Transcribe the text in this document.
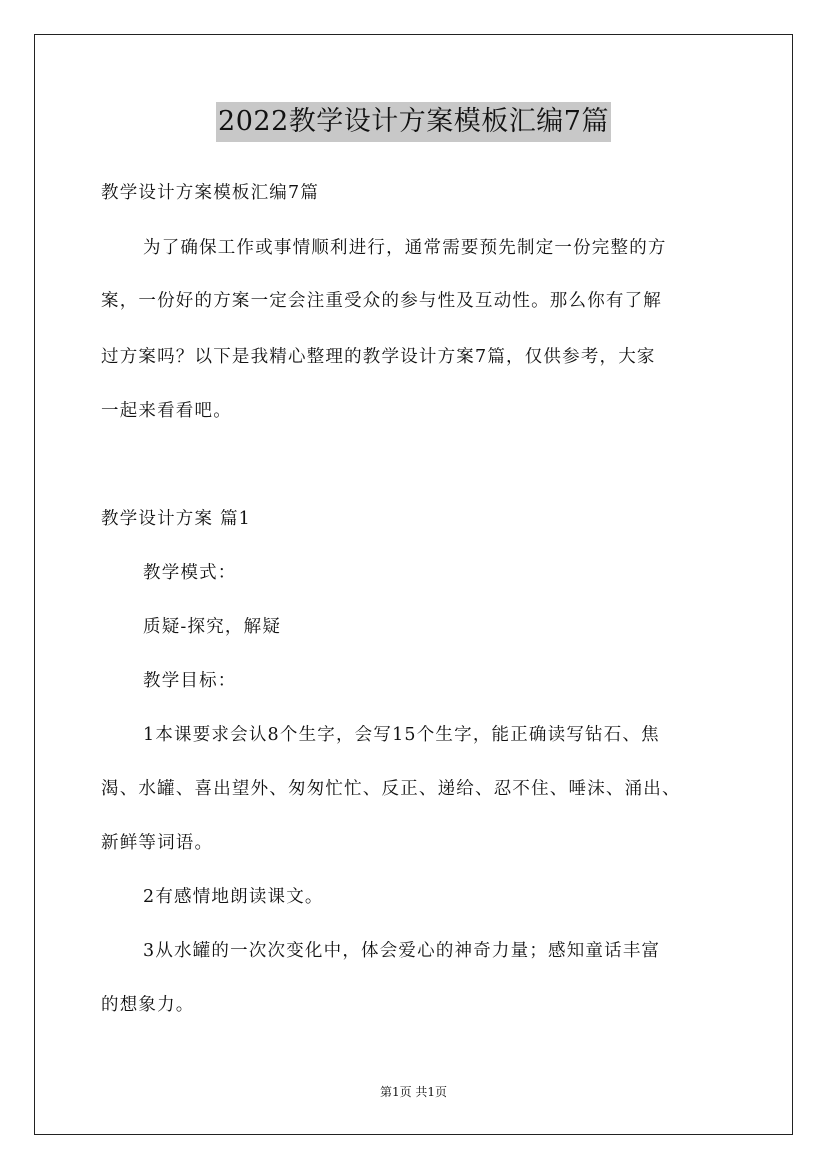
2022教学设计方案模板汇编7篇
教学设计方案模板汇编7篇
为了确保工作或事情顺利进行，通常需要预先制定一份完整的方
案，一份好的方案一定会注重受众的参与性及互动性。那么你有了解
过方案吗？以下是我精心整理的教学设计方案7篇，仅供参考，大家
一起来看看吧。
教学设计方案 篇1
教学模式：
质疑-探究，解疑
教学目标：
1本课要求会认8个生字，会写15个生字，能正确读写钻石、焦
渴、水罐、喜出望外、匆匆忙忙、反正、递给、忍不住、唾沫、涌出、
新鲜等词语。
2有感情地朗读课文。
3从水罐的一次次变化中，体会爱心的神奇力量；感知童话丰富
的想象力。
第1页 共1页
